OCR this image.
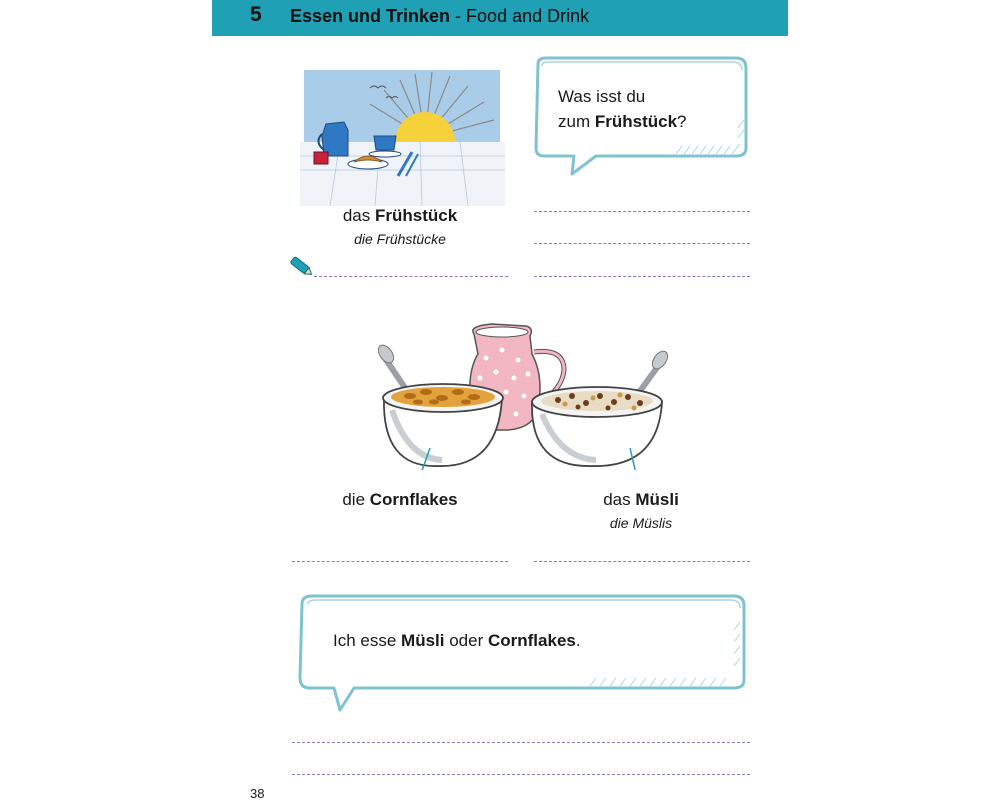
5 Essen und Trinken - Food and Drink
das Frühstück
die Frühstücke
Was isst du
zum Frühstück?
die Cornflakes	das Müsli
die Müslis
Ich esse Müsli oder Cornflakes.
38
